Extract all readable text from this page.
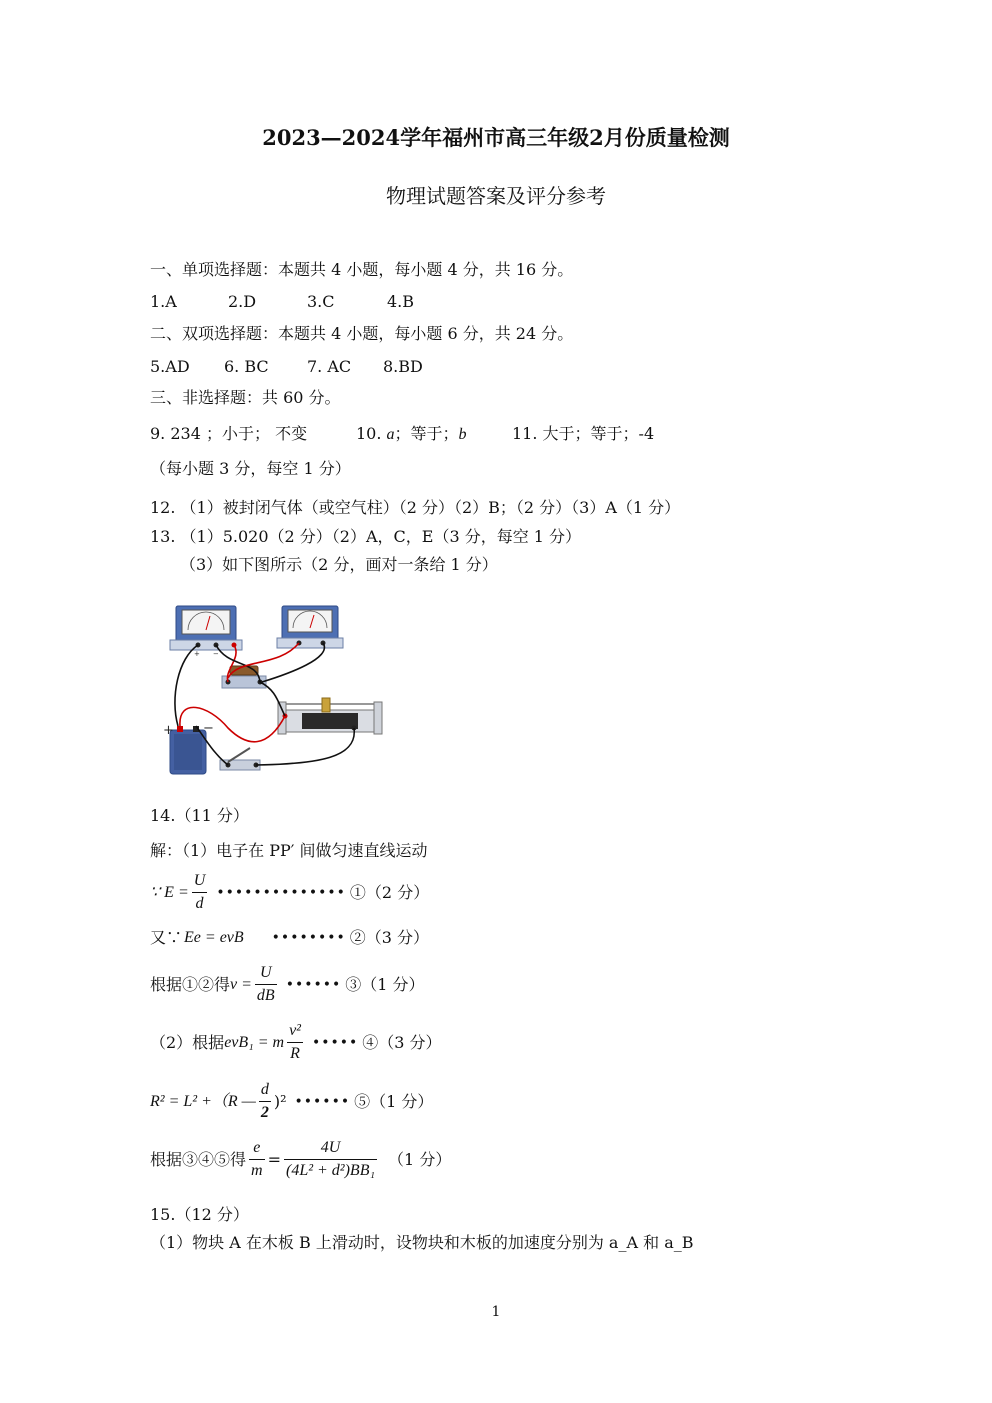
2023—2024学年福州市高三年级2月份质量检测
物理试题答案及评分参考
一、单项选择题：本题共 4 小题，每小题 4 分，共 16 分。
1.A	2.D	3.C	4.B
二、双项选择题：本题共 4 小题，每小题 6 分，共 24 分。
5.AD 6. BC 7. AC 8.BD
三、非选择题：共 60 分。
9. 234 ；小于； 不变	10. a；等于；b	11. 大于；等于；-4
（每小题 3 分，每空 1 分）
12. （1）被封闭气体（或空气柱）（2 分）（2）B；（2 分）（3）A（1 分）
13. （1）5.020（2 分）（2）A，C，E（3 分，每空 1 分）
（3）如下图所示（2 分，画对一条给 1 分）
+ −
+ −
14.（11 分）
解：（1）电子在 PP′ 间做匀速直线运动
∵ $E = \frac{U}{d}$ •••••••••••••• ①（2 分）
又∵ Ee = evB •••••••• ②（3 分）
根据①②得 $v = \frac{U}{dB}$ •••••• ③（1 分）
（2）根据 evB₁ = m $\frac{\text{v²}}{R}$ ••••• ④（3 分）
R² = L² +（R — $\frac{d}{2} )^2$ •••••• ⑤（1 分）
根据③④⑤得 $\frac{e}{m} = \frac{4U}{\text{(4L² + d²)BB₁}} (1$ 分）
15.（12 分）
（1）物块 A 在木板 B 上滑动时，设物块和木板的加速度分别为 a_A 和 a_B
1
